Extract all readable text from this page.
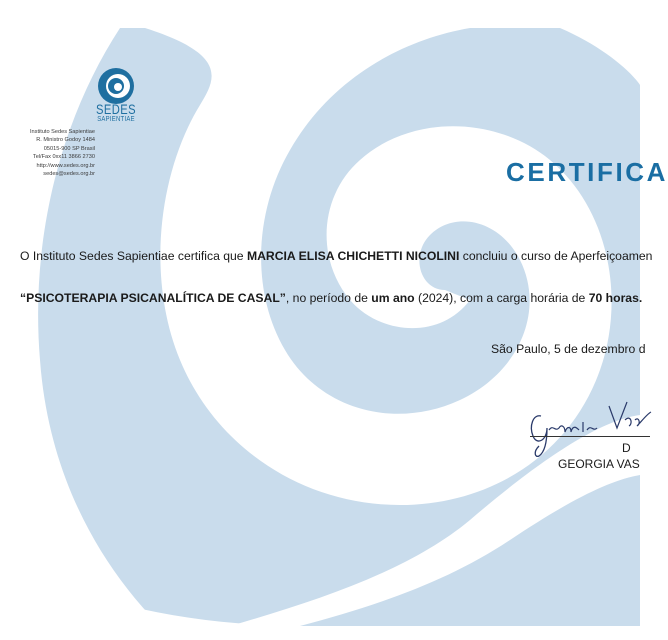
SEDES
SAPIENTIAE
Instituto Sedes Sapientiae
R. Ministro Godoy 1484
05015-900 SP Brasil
Tel/Fax 0xx11 3866 2730
http://www.sedes.org.br
sedes@sedes.org.br	CERTIFICA
O Instituto Sedes Sapientiae certifica que MARCIA ELISA CHICHETTI NICOLINI concluiu o curso de Aperfeiçoamen
“PSICOTERAPIA PSICANALÍTICA DE CASAL”, no período de um ano (2024), com a carga horária de 70 horas.
São Paulo, 5 de dezembro d
D
GEORGIA VAS
